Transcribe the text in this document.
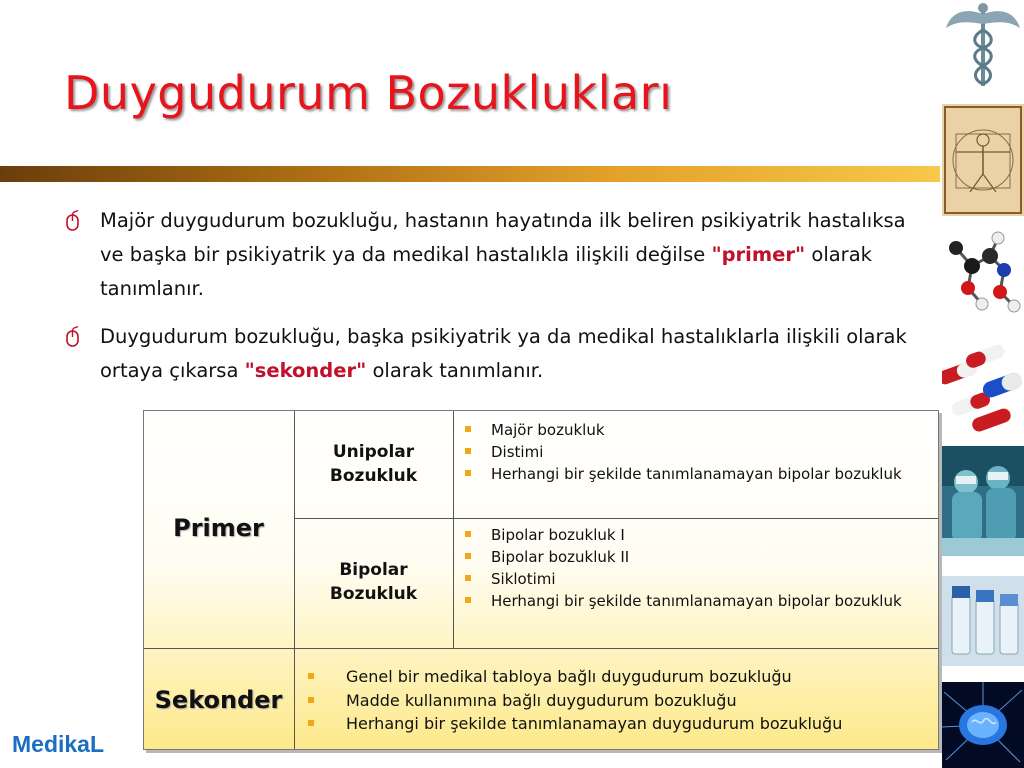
Duygudurum Bozuklukları
Majör duygudurum bozukluğu, hastanın hayatında ilk beliren psikiyatrik hastalıksa ve başka bir psikiyatrik ya da medikal hastalıkla ilişkili değilse "primer" olarak tanımlanır.
Duygudurum bozukluğu, başka psikiyatrik ya da medikal hastalıklarla ilişkili olarak ortaya çıkarsa "sekonder" olarak tanımlanır.
Primer
Sekonder
Unipolar Bozukluk
Bipolar Bozukluk
Majör bozukluk
Distimi
Herhangi bir şekilde tanımlanamayan bipolar bozukluk
Bipolar bozukluk I
Bipolar bozukluk II
Siklotimi
Herhangi bir şekilde tanımlanamayan bipolar bozukluk
Genel bir medikal tabloya bağlı duygudurum bozukluğu
Madde kullanımına bağlı duygudurum bozukluğu
Herhangi bir şekilde tanımlanamayan duygudurum bozukluğu
MedikaL
